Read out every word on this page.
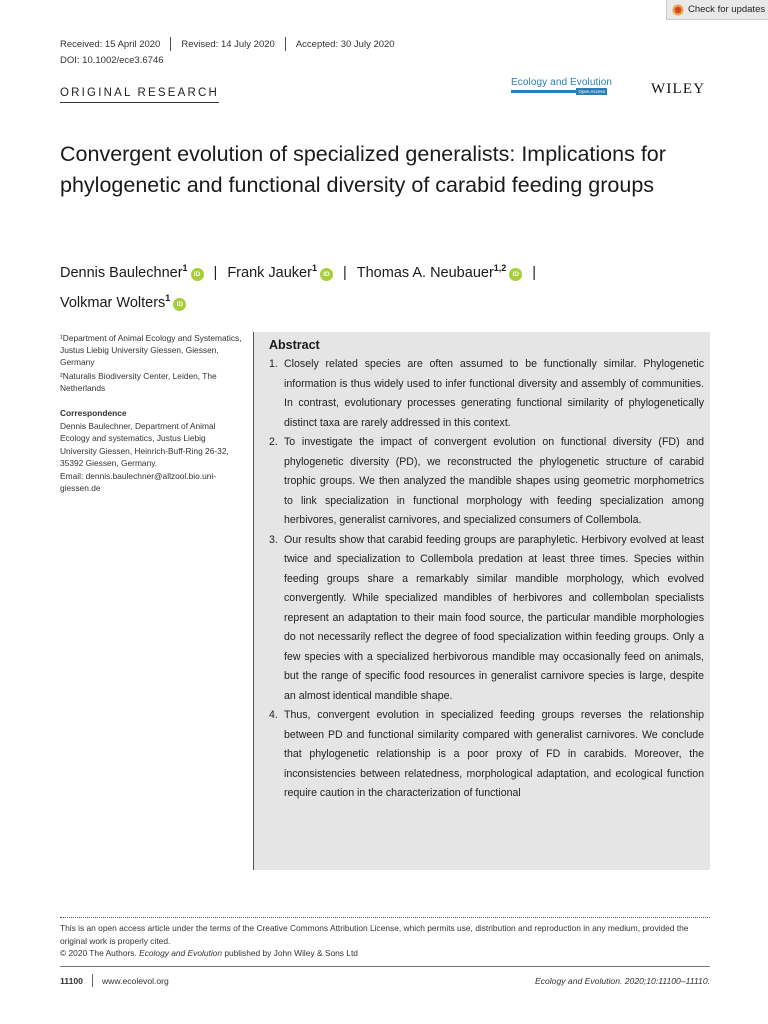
Check for updates
Received: 15 April 2020 Revised: 14 July 2020 Accepted: 30 July 2020
DOI: 10.1002/ece3.6746
ORIGINAL RESEARCH
Ecology and Evolution
Open Access	WILEY
Convergent evolution of specialized generalists: Implications for phylogenetic and functional diversity of carabid feeding groups
Dennis Baulechner$^1$ID | Frank Jauker$^1$ID | Thomas A. Neubauer$^{1,2}$ID |
Volkmar Wolters$^1$ID

¹Department of Animal Ecology and Systematics, Justus Liebig University Giessen, Giessen, Germany

²Naturalis Biodiversity Center, Leiden, The Netherlands

Correspondence

Dennis Baulechner, Department of Animal Ecology and systematics, Justus Liebig University Giessen, Heinrich-Buff-Ring 26-32, 35392 Giessen, Germany.

Email: dennis.baulechner@allzool.bio.uni-giessen.de

Abstract
1. Closely related species are often assumed to be functionally similar. Phylogenetic information is thus widely used to infer functional diversity and assembly of communities. In contrast, evolutionary processes generating functional similarity of phylogenetically distinct taxa are rarely addressed in this context.
2. To investigate the impact of convergent evolution on functional diversity (FD) and phylogenetic diversity (PD), we reconstructed the phylogenetic structure of carabid trophic groups. We then analyzed the mandible shapes using geometric morphometrics to link specialization in functional morphology with feeding specialization among herbivores, generalist carnivores, and specialized consumers of Collembola.
3. Our results show that carabid feeding groups are paraphyletic. Herbivory evolved at least twice and specialization to Collembola predation at least three times. Species within feeding groups share a remarkably similar mandible morphology, which evolved convergently. While specialized mandibles of herbivores and collembolan specialists represent an adaptation to their main food source, the particular mandible morphologies do not necessarily reflect the degree of food specialization within feeding groups. Only a few species with a specialized herbivorous mandible may occasionally feed on animals, but the range of specific food resources in generalist carnivore species is large, despite an almost identical mandible shape.
4. Thus, convergent evolution in specialized feeding groups reverses the relationship between PD and functional similarity compared with generalist carnivores. We conclude that phylogenetic relationship is a poor proxy of FD in carabids. Moreover, the inconsistencies between relatedness, morphological adaptation, and ecological function require caution in the characterization of functional

This is an open access article under the terms of the Creative Commons Attribution License, which permits use, distribution and reproduction in any medium, provided the original work is properly cited.

© 2020 The Authors. Ecology and Evolution published by John Wiley & Sons Ltd

11100 www.ecolevol.org	Ecology and Evolution. 2020;10:11100–11110.
